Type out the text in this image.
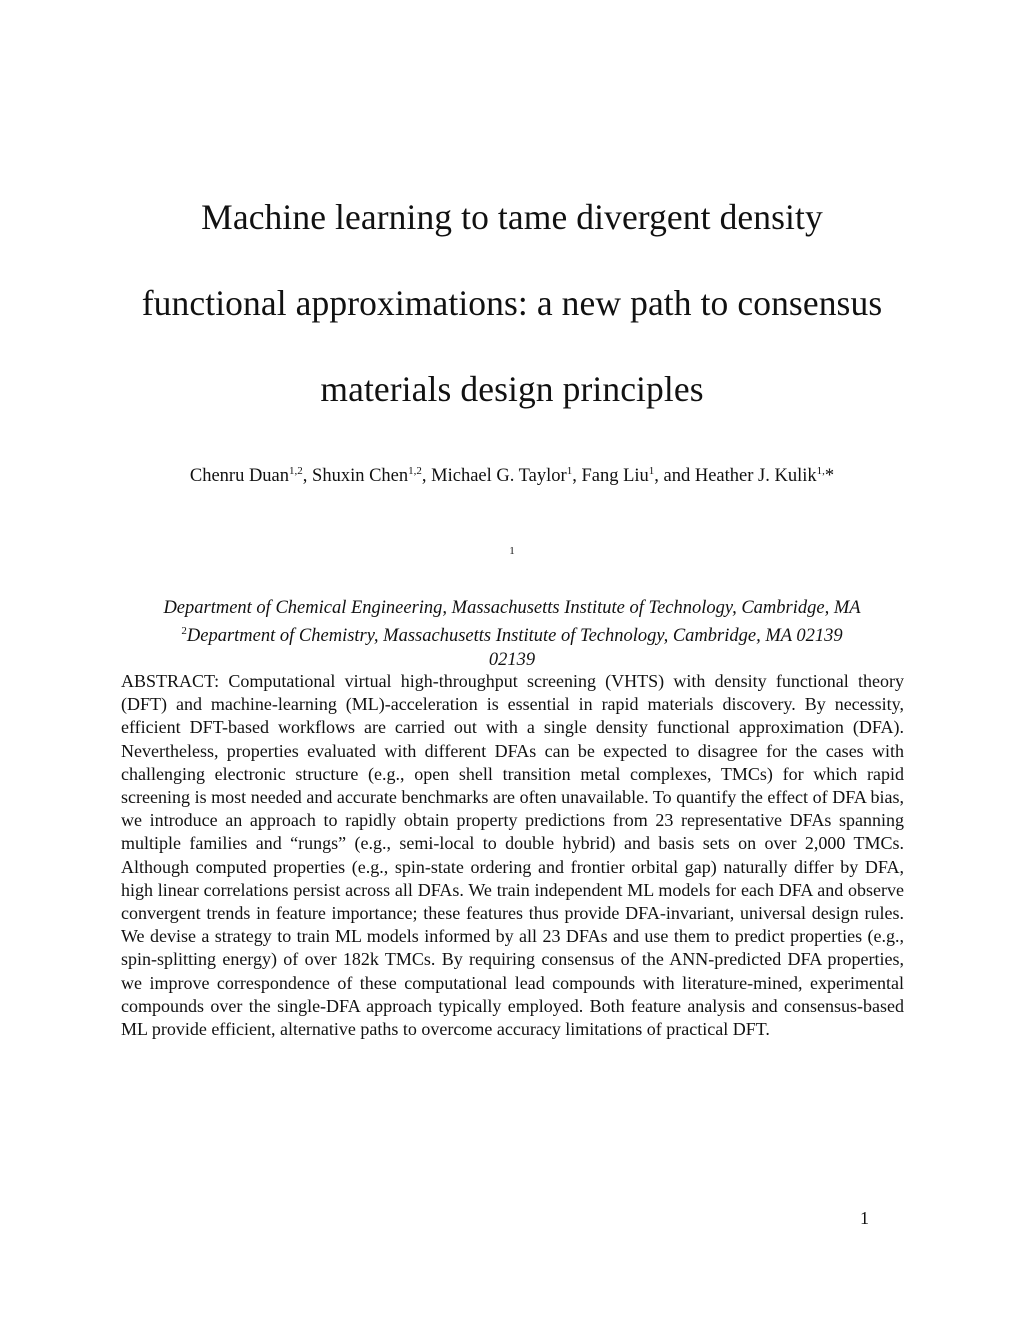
Machine learning to tame divergent density
functional approximations: a new path to consensus
materials design principles

Chenru Duan$^{1,2}$, Shuxin Chen$^{1,2}$, Michael G. Taylor$^1$, Fang Liu$^1$, and Heather J. Kulik$^{1,}$*

$^1$
Department of Chemical Engineering, Massachusetts Institute of Technology, Cambridge, MA
02139

$^2$Department of Chemistry, Massachusetts Institute of Technology, Cambridge, MA 02139

ABSTRACT: Computational virtual high-throughput screening (VHTS) with density functional theory (DFT) and machine-learning (ML)-acceleration is essential in rapid materials discovery. By necessity, efficient DFT-based workflows are carried out with a single density functional approximation (DFA). Nevertheless, properties evaluated with different DFAs can be expected to disagree for the cases with challenging electronic structure (e.g., open shell transition metal complexes, TMCs) for which rapid screening is most needed and accurate benchmarks are often unavailable. To quantify the effect of DFA bias, we introduce an approach to rapidly obtain property predictions from 23 representative DFAs spanning multiple families and “rungs” (e.g., semi-local to double hybrid) and basis sets on over 2,000 TMCs. Although computed properties (e.g., spin-state ordering and frontier orbital gap) naturally differ by DFA, high linear correlations persist across all DFAs. We train independent ML models for each DFA and observe convergent trends in feature importance; these features thus provide DFA-invariant, universal design rules. We devise a strategy to train ML models informed by all 23 DFAs and use them to predict properties (e.g., spin-splitting energy) of over 182k TMCs. By requiring consensus of the ANN-predicted DFA properties, we improve correspondence of these computational lead compounds with literature-mined, experimental compounds over the single-DFA approach typically employed. Both feature analysis and consensus-based ML provide efficient, alternative paths to overcome accuracy limitations of practical DFT.

1
